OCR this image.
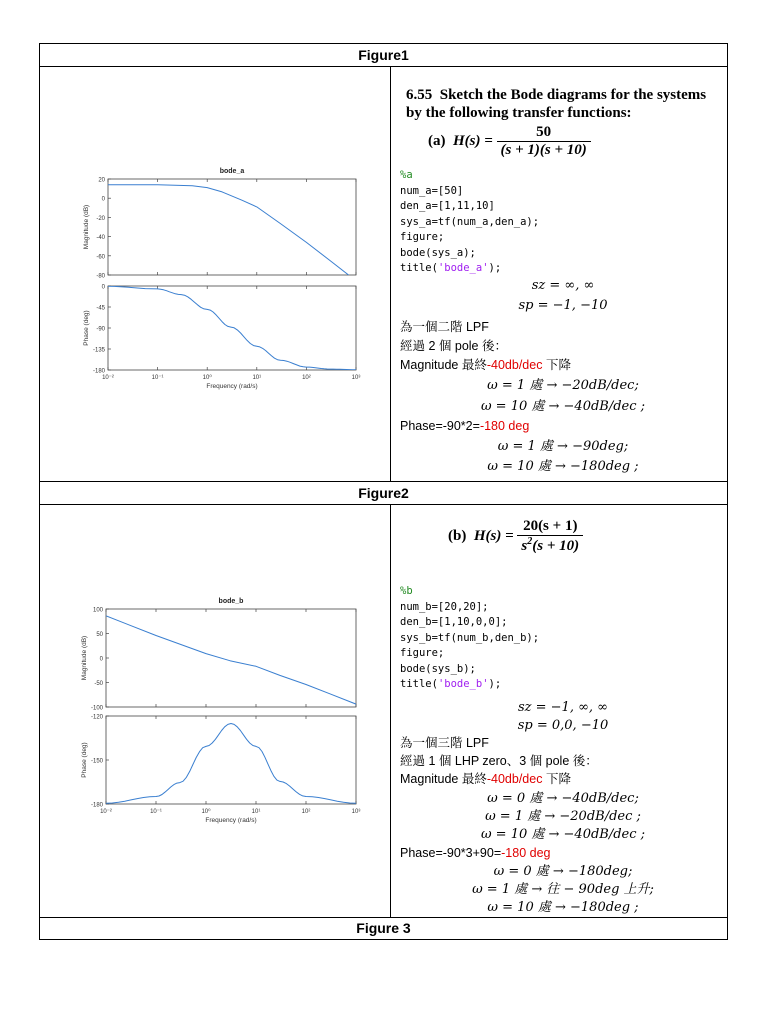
Figure1
Figure2
Figure 3
20
0
-20
-40
-60
-80
Magnitude (dB)
bode_a
0
-45
-90
-135
-180
10⁻²	10⁻¹	10⁰	10¹	10²	10³
Frequency (rad/s)
Phase (deg)
6.55 Sketch the Bode diagrams for the systems
by the following transfer functions:
(a) $H(s) = \frac{50}{(s + 1)(s + 10)}$
%a
num_a=[50]
den_a=[1,11,10]
sys_a=tf(num_a,den_a);
figure;
bode(sys_a);
title('bode_a');
sz = ∞, ∞
sp = −1, −10
為一個二階 LPF
經過 2 個 pole 後：
Magnitude 最終-40db/dec 下降
ω = 1 處 → −20dB/dec;
ω = 10 處 → −40dB/dec ;
Phase=-90*2=-180 deg
ω = 1 處 → −90deg;
ω = 10 處 → −180deg ;
100
50
0
-50
-100
Magnitude (dB)
bode_b
-120
-150
-180
10⁻²	10⁻¹	10⁰	10¹	10²	10³
Frequency (rad/s)
Phase (deg)
(b) $H(s) = \frac{20(s + 1)}{s^2(s + 10)}$
%b
num_b=[20,20];
den_b=[1,10,0,0];
sys_b=tf(num_b,den_b);
figure;
bode(sys_b);
title('bode_b');
sz = −1, ∞, ∞
sp = 0,0, −10
為一個三階 LPF
經過 1 個 LHP zero、3 個 pole 後：
Magnitude 最終-40db/dec 下降
ω = 0 處 → −40dB/dec;
ω = 1 處 → −20dB/dec ;
ω = 10 處 → −40dB/dec ;
Phase=-90*3+90=-180 deg
ω = 0 處 → −180deg;
ω = 1 處 → 往 − 90deg 上升;
ω = 10 處 → −180deg ;
